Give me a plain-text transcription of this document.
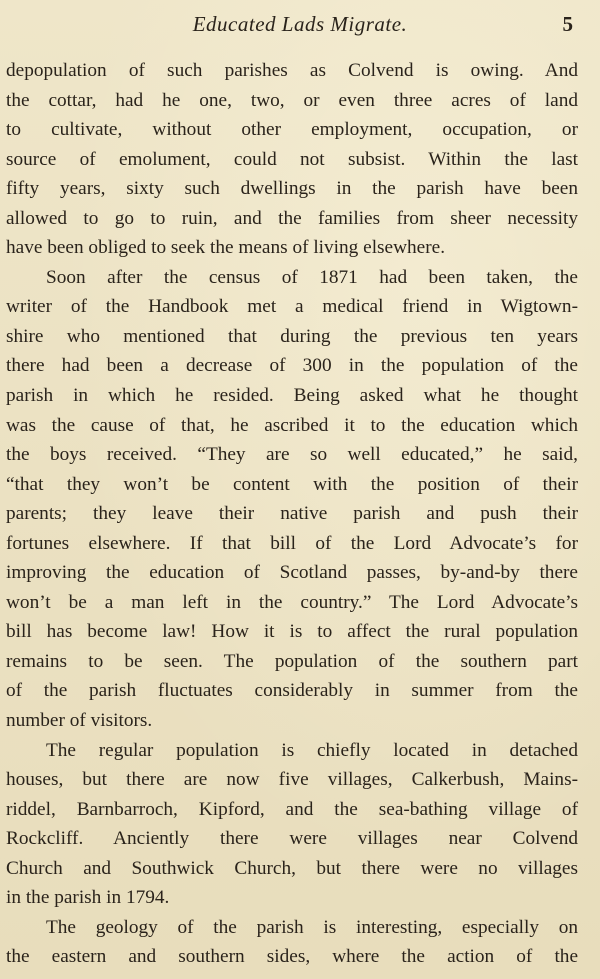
Educated Lads Migrate.	5
depopulation of such parishes as Colvend is owing. And
the cottar, had he one, two, or even three acres of land
to cultivate, without other employment, occupation, or
source of emolument, could not subsist. Within the last
fifty years, sixty such dwellings in the parish have been
allowed to go to ruin, and the families from sheer necessity
have been obliged to seek the means of living elsewhere.
Soon after the census of 1871 had been taken, the
writer of the Handbook met a medical friend in Wigtown-
shire who mentioned that during the previous ten years
there had been a decrease of 300 in the population of the
parish in which he resided. Being asked what he thought
was the cause of that, he ascribed it to the education which
the boys received. “They are so well educated,” he said,
“that they won’t be content with the position of their
parents; they leave their native parish and push their
fortunes elsewhere. If that bill of the Lord Advocate’s for
improving the education of Scotland passes, by-and-by there
won’t be a man left in the country.” The Lord Advocate’s
bill has become law! How it is to affect the rural population
remains to be seen. The population of the southern part
of the parish fluctuates considerably in summer from the
number of visitors.
The regular population is chiefly located in detached
houses, but there are now five villages, Calkerbush, Mains-
riddel, Barnbarroch, Kipford, and the sea-bathing village of
Rockcliff. Anciently there were villages near Colvend
Church and Southwick Church, but there were no villages
in the parish in 1794.
The geology of the parish is interesting, especially on
the eastern and southern sides, where the action of the
